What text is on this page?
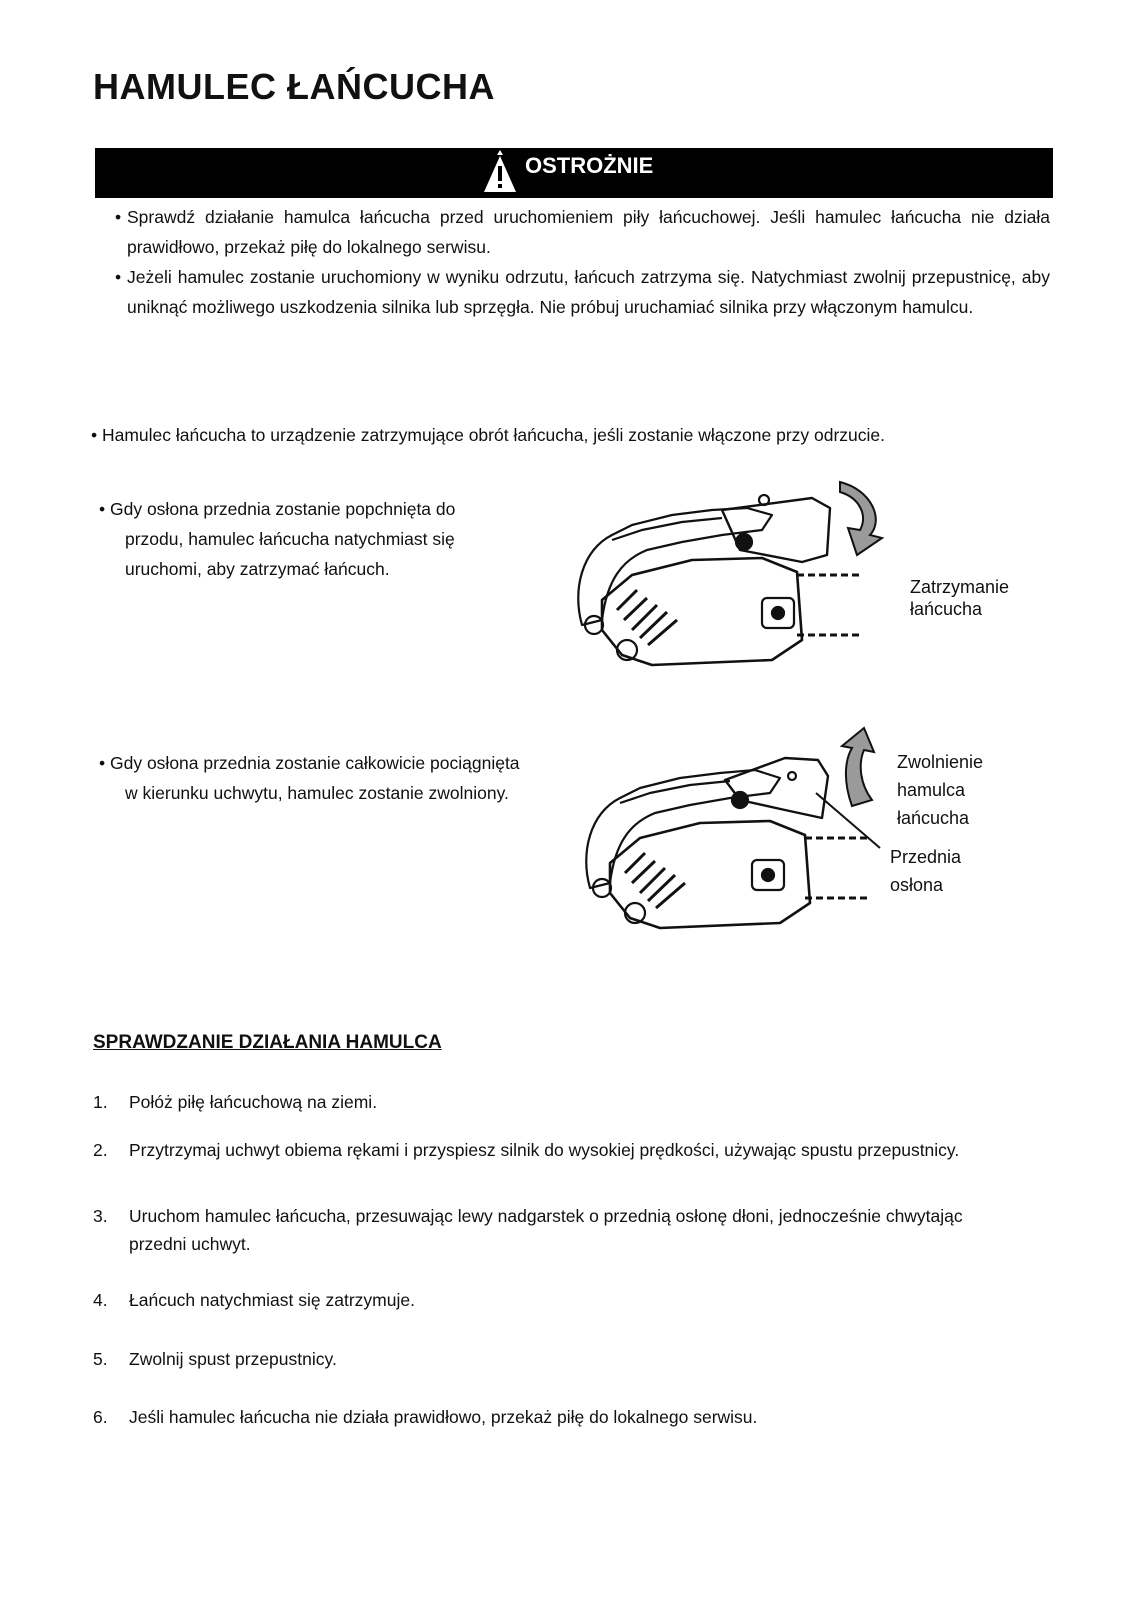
HAMULEC ŁAŃCUCHA
OSTROŻNIE
• Sprawdź działanie hamulca łańcucha przed uruchomieniem piły łańcuchowej. Jeśli hamulec łańcucha nie działa prawidłowo, przekaż piłę do lokalnego serwisu.
• Jeżeli hamulec zostanie uruchomiony w wyniku odrzutu, łańcuch zatrzyma się. Natychmiast zwolnij przepustnicę, aby uniknąć możliwego uszkodzenia silnika lub sprzęgła. Nie próbuj uruchamiać silnika przy włączonym hamulcu.
• Hamulec łańcucha to urządzenie zatrzymujące obrót łańcucha, jeśli zostanie włączone przy odrzucie.
• Gdy osłona przednia zostanie popchnięta do
przodu, hamulec łańcucha natychmiast się
uruchomi, aby zatrzymać łańcuch.
Zatrzymanie
łańcucha
• Gdy osłona przednia zostanie całkowicie pociągnięta
w kierunku uchwytu, hamulec zostanie zwolniony.
Zwolnienie
hamulca
łańcucha
Przednia
osłona
SPRAWDZANIE DZIAŁANIA HAMULCA
1. Połóż piłę łańcuchową na ziemi.
2. Przytrzymaj uchwyt obiema rękami i przyspiesz silnik do wysokiej prędkości, używając spustu przepustnicy.
3.	Uruchom hamulec łańcucha, przesuwając lewy nadgarstek o przednią osłonę dłoni, jednocześnie chwytając przedni uchwyt.
4. Łańcuch natychmiast się zatrzymuje.
5. Zwolnij spust przepustnicy.
6. Jeśli hamulec łańcucha nie działa prawidłowo, przekaż piłę do lokalnego serwisu.
